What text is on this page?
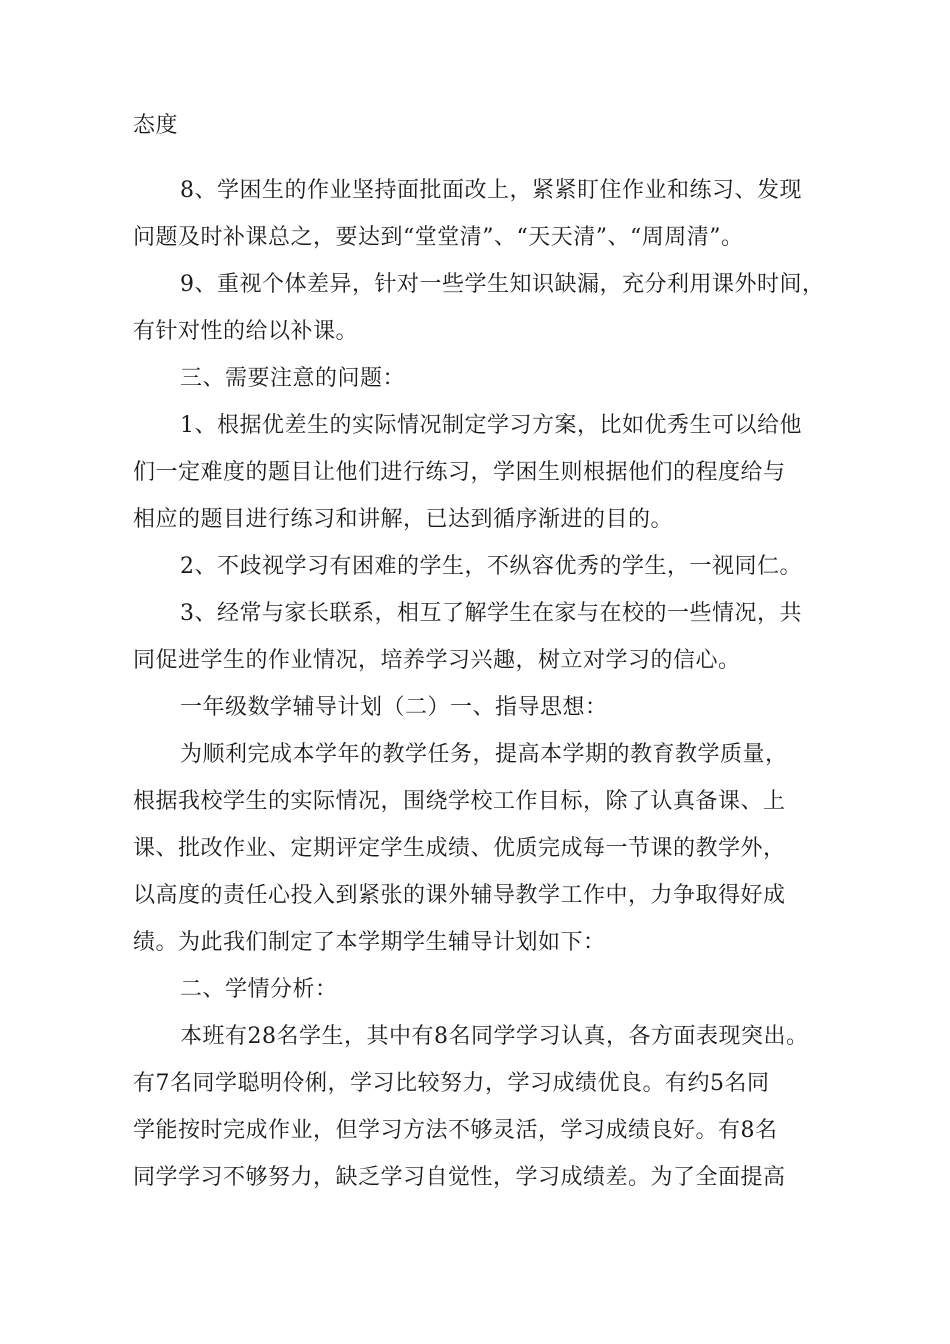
态度
8、学困生的作业坚持面批面改上，紧紧盯住作业和练习、发现
问题及时补课总之，要达到“堂堂清”、“天天清”、“周周清”。
9、重视个体差异，针对一些学生知识缺漏，充分利用课外时间，
有针对性的给以补课。
三、需要注意的问题：
1、根据优差生的实际情况制定学习方案，比如优秀生可以给他
们一定难度的题目让他们进行练习，学困生则根据他们的程度给与
相应的题目进行练习和讲解，已达到循序渐进的目的。
2、不歧视学习有困难的学生，不纵容优秀的学生，一视同仁。
3、经常与家长联系，相互了解学生在家与在校的一些情况，共
同促进学生的作业情况，培养学习兴趣，树立对学习的信心。
一年级数学辅导计划（二）一、指导思想：
为顺利完成本学年的教学任务，提高本学期的教育教学质量，
根据我校学生的实际情况，围绕学校工作目标，除了认真备课、上
课、批改作业、定期评定学生成绩、优质完成每一节课的教学外，
以高度的责任心投入到紧张的课外辅导教学工作中，力争取得好成
绩。为此我们制定了本学期学生辅导计划如下：
二、学情分析：
本班有28名学生，其中有8名同学学习认真，各方面表现突出。
有7名同学聪明伶俐，学习比较努力，学习成绩优良。有约5名同
学能按时完成作业，但学习方法不够灵活，学习成绩良好。有8名
同学学习不够努力，缺乏学习自觉性，学习成绩差。为了全面提高
